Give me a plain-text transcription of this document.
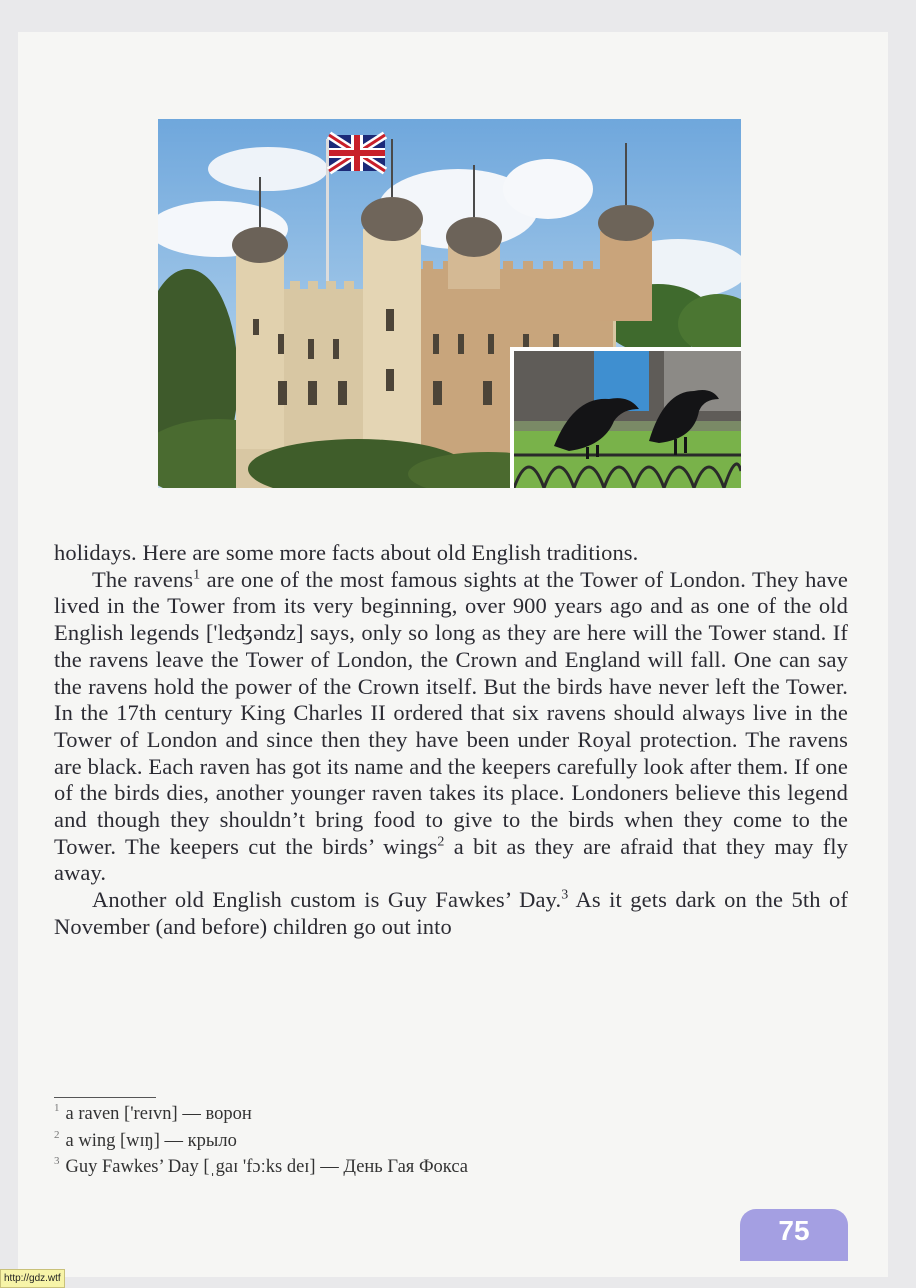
holidays. Here are some more facts about old English traditions.

The ravens$^1$ are one of the most famous sights at the Tower of London. They have lived in the Tower from its very beginning, over 900 years ago and as one of the old English legends ['leʤəndz] says, only so long as they are here will the Tower stand. If the ravens leave the Tower of London, the Crown and England will fall. One can say the ravens hold the power of the Crown itself. But the birds have never left the Tower. In the 17th century King Charles II ordered that six ravens should always live in the Tower of London and since then they have been under Royal protection. The ravens are black. Each raven has got its name and the keepers carefully look after them. If one of the birds dies, another younger raven takes its place. Londoners believe this legend and though they shouldn’t bring food to give to the birds when they come to the Tower. The keepers cut the birds’ wings$^2$ a bit as they are afraid that they may fly away.

Another old English custom is Guy Fawkes’ Day.$^3$ As it gets dark on the 5th of November (and before) children go out into

$^1$ a raven ['reɪvn] — ворон
$^2$ a wing [wɪŋ] — крыло
$^3$ Guy Fawkes’ Day [ˌgaɪ 'fɔːks deɪ] — День Гая Фокса
75
http://gdz.wtf
